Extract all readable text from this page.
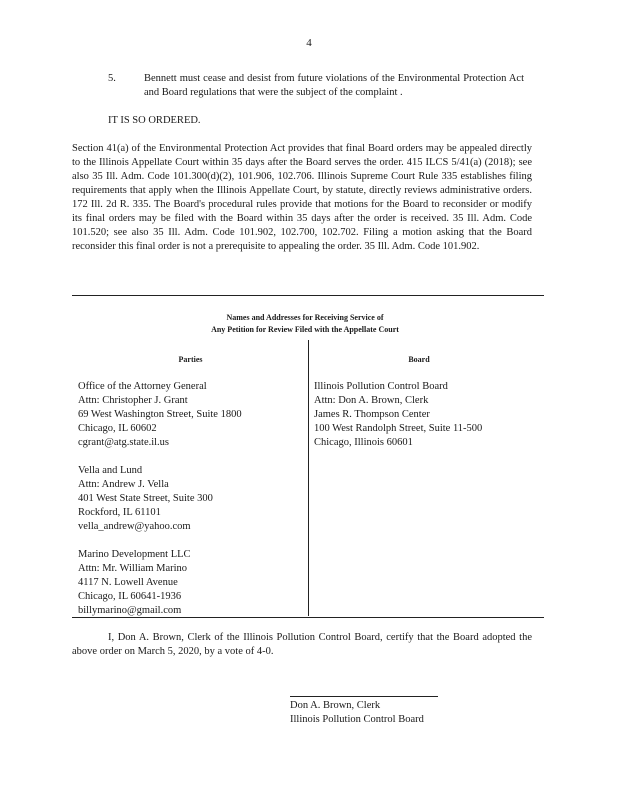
4
5.	Bennett must cease and desist from future violations of the Environmental Protection Act and Board regulations that were the subject of the complaint .
IT IS SO ORDERED.
Section 41(a) of the Environmental Protection Act provides that final Board orders may be appealed directly to the Illinois Appellate Court within 35 days after the Board serves the order. 415 ILCS 5/41(a) (2018); see also 35 Ill. Adm. Code 101.300(d)(2), 101.906, 102.706. Illinois Supreme Court Rule 335 establishes filing requirements that apply when the Illinois Appellate Court, by statute, directly reviews administrative orders. 172 Ill. 2d R. 335. The Board's procedural rules provide that motions for the Board to reconsider or modify its final orders may be filed with the Board within 35 days after the order is received. 35 Ill. Adm. Code 101.520; see also 35 Ill. Adm. Code 101.902, 102.700, 102.702. Filing a motion asking that the Board reconsider this final order is not a prerequisite to appealing the order. 35 Ill. Adm. Code 101.902.
Names and Addresses for Receiving Service of
Any Petition for Review Filed with the Appellate Court
Parties	Board
Office of the Attorney General
Attn: Christopher J. Grant
69 West Washington Street, Suite 1800
Chicago, IL 60602
cgrant@atg.state.il.us
Vella and Lund
Attn: Andrew J. Vella
401 West State Street, Suite 300
Rockford, IL 61101
vella_andrew@yahoo.com
Marino Development LLC
Attn: Mr. William Marino
4117 N. Lowell Avenue
Chicago, IL 60641-1936
billymarino@gmail.com
Illinois Pollution Control Board
Attn: Don A. Brown, Clerk
James R. Thompson Center
100 West Randolph Street, Suite 11-500
Chicago, Illinois 60601
I, Don A. Brown, Clerk of the Illinois Pollution Control Board, certify that the Board adopted the above order on March 5, 2020, by a vote of 4-0.
Don A. Brown, Clerk
Illinois Pollution Control Board
